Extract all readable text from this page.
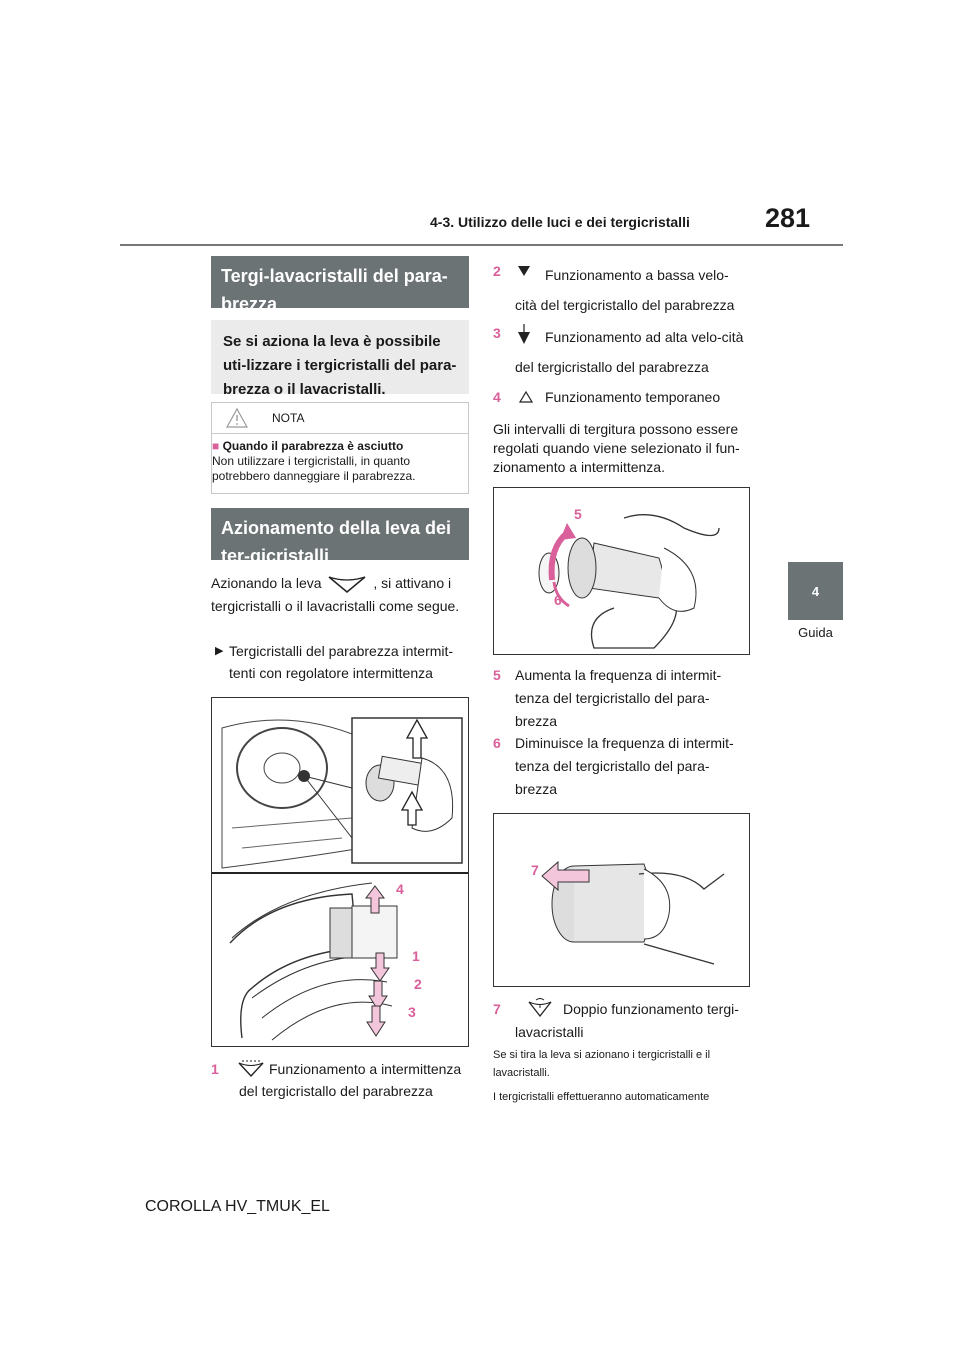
4-3. Utilizzo delle luci e dei tergicristalli	281
4
Guida
Tergi-lavacristalli del para-brezza
Se si aziona la leva è possibile uti-lizzare i tergicristalli del para-brezza o il lavacristalli.
NOTA
■ Quando il parabrezza è asciutto
Non utilizzare i tergicristalli, in quanto potrebbero danneggiare il parabrezza.
Azionamento della leva dei ter-gicristalli
Azionando la leva	, si attivano i tergicristalli o il lavacristalli come segue.
▶ Tergicristalli del parabrezza intermit-tenti con regolatore intermittenza
4
1
2
3
1	Funzionamento a intermittenza del tergicristallo del parabrezza
2	Funzionamento a bassa velo-cità del tergicristallo del parabrezza
3	Funzionamento ad alta velo-cità del tergicristallo del parabrezza
4	Funzionamento temporaneo
Gli intervalli di tergitura possono essere regolati quando viene selezionato il fun-zionamento a intermittenza.
5
6
5 Aumenta la frequenza di intermit-tenza del tergicristallo del para-brezza
6 Diminuisce la frequenza di intermit-tenza del tergicristallo del para-brezza
7
7	Doppio funzionamento tergi-lavacristalli
Se si tira la leva si azionano i tergicristalli e il lavacristalli.
I tergicristalli effettueranno automaticamente
COROLLA HV_TMUK_EL
